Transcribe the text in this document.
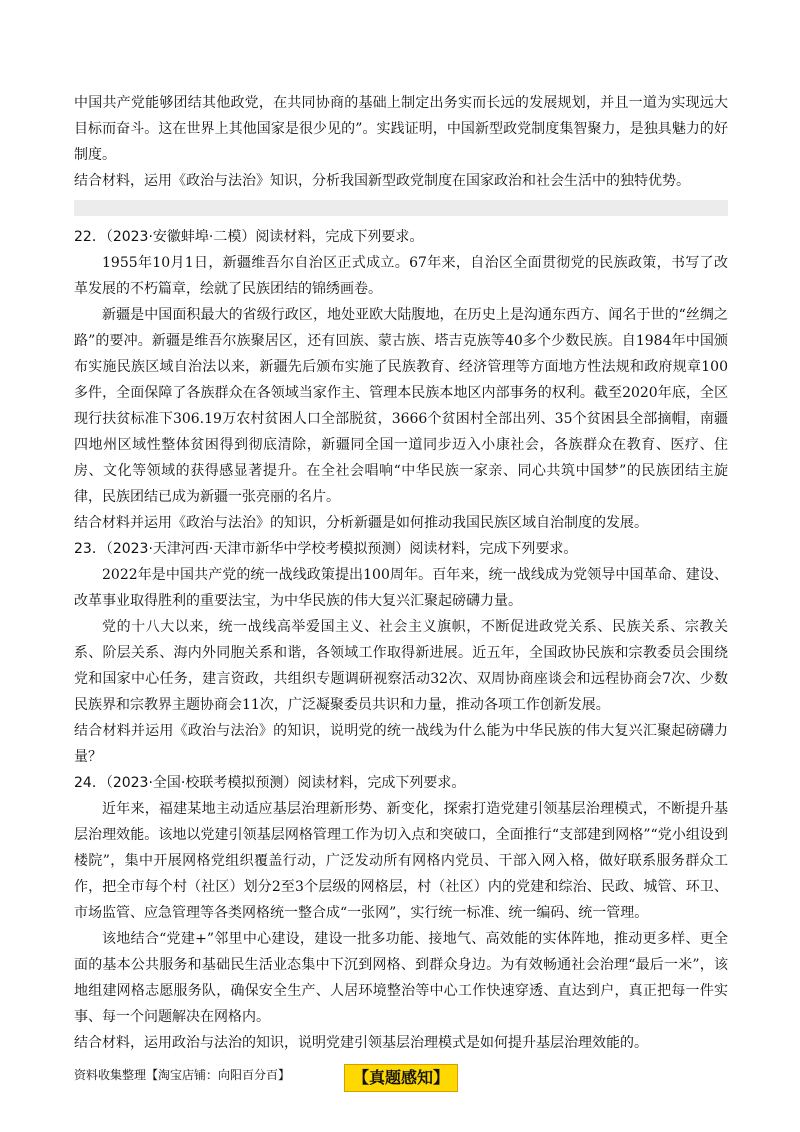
中国共产党能够团结其他政党，在共同协商的基础上制定出务实而长远的发展规划，并且一道为实现远大目标而奋斗。这在世界上其他国家是很少见的”。实践证明，中国新型政党制度集智聚力，是独具魅力的好制度。

结合材料，运用《政治与法治》知识，分析我国新型政党制度在国家政治和社会生活中的独特优势。

22．（2023·安徽蚌埠·二模）阅读材料，完成下列要求。

1955年10月1日，新疆维吾尔自治区正式成立。67年来，自治区全面贯彻党的民族政策，书写了改革发展的不朽篇章，绘就了民族团结的锦绣画卷。

新疆是中国面积最大的省级行政区，地处亚欧大陆腹地，在历史上是沟通东西方、闻名于世的“丝绸之路”的要冲。新疆是维吾尔族聚居区，还有回族、蒙古族、塔吉克族等40多个少数民族。自1984年中国颁布实施民族区域自治法以来，新疆先后颁布实施了民族教育、经济管理等方面地方性法规和政府规章100多件，全面保障了各族群众在各领域当家作主、管理本民族本地区内部事务的权利。截至2020年底，全区现行扶贫标准下306.19万农村贫困人口全部脱贫，3666个贫困村全部出列、35个贫困县全部摘帽，南疆四地州区域性整体贫困得到彻底清除，新疆同全国一道同步迈入小康社会，各族群众在教育、医疗、住房、文化等领域的获得感显著提升。在全社会唱响“中华民族一家亲、同心共筑中国梦”的民族团结主旋律，民族团结已成为新疆一张亮丽的名片。

结合材料并运用《政治与法治》的知识，分析新疆是如何推动我国民族区域自治制度的发展。

23．（2023·天津河西·天津市新华中学校考模拟预测）阅读材料，完成下列要求。

2022年是中国共产党的统一战线政策提出100周年。百年来，统一战线成为党领导中国革命、建设、改革事业取得胜利的重要法宝，为中华民族的伟大复兴汇聚起磅礴力量。

党的十八大以来，统一战线高举爱国主义、社会主义旗帜，不断促进政党关系、民族关系、宗教关系、阶层关系、海内外同胞关系和谐，各领域工作取得新进展。近五年，全国政协民族和宗教委员会围绕党和国家中心任务，建言资政，共组织专题调研视察活动32次、双周协商座谈会和远程协商会7次、少数民族界和宗教界主题协商会11次，广泛凝聚委员共识和力量，推动各项工作创新发展。

结合材料并运用《政治与法治》的知识，说明党的统一战线为什么能为中华民族的伟大复兴汇聚起磅礴力量？

24．（2023·全国·校联考模拟预测）阅读材料，完成下列要求。

近年来，福建某地主动适应基层治理新形势、新变化，探索打造党建引领基层治理模式，不断提升基层治理效能。该地以党建引领基层网格管理工作为切入点和突破口，全面推行“支部建到网格”“党小组设到楼院”，集中开展网格党组织覆盖行动，广泛发动所有网格内党员、干部入网入格，做好联系服务群众工作，把全市每个村（社区）划分2至3个层级的网格层，村（社区）内的党建和综治、民政、城管、环卫、市场监管、应急管理等各类网格统一整合成“一张网”，实行统一标准、统一编码、统一管理。

该地结合“党建+”邻里中心建设，建设一批多功能、接地气、高效能的实体阵地，推动更多样、更全面的基本公共服务和基础民生活业态集中下沉到网格、到群众身边。为有效畅通社会治理“最后一米”，该地组建网格志愿服务队，确保安全生产、人居环境整治等中心工作快速穿透、直达到户，真正把每一件实事、每一个问题解决在网格内。

结合材料，运用政治与法治的知识，说明党建引领基层治理模式是如何提升基层治理效能的。

【真题感知】
资料收集整理【淘宝店铺：向阳百分百】
